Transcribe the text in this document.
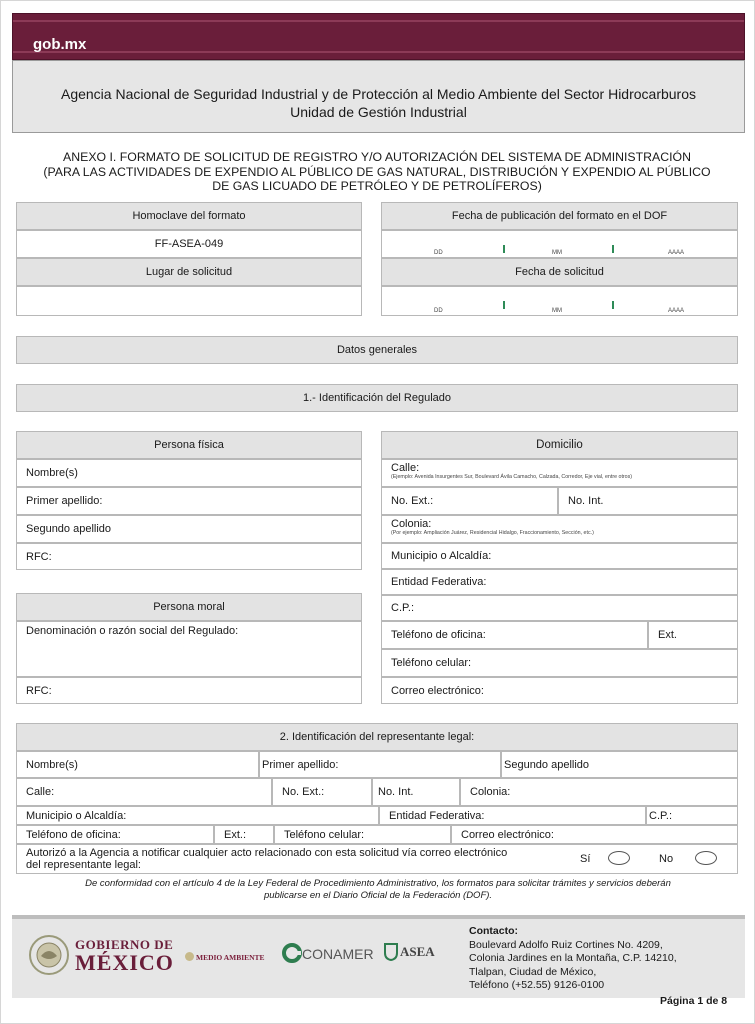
gob.mx
Agencia Nacional de Seguridad Industrial y de Protección al Medio Ambiente del Sector Hidrocarburos
Unidad de Gestión Industrial
ANEXO I. FORMATO DE SOLICITUD DE REGISTRO Y/O AUTORIZACIÓN DEL SISTEMA DE ADMINISTRACIÓN
(PARA LAS ACTIVIDADES DE EXPENDIO AL PÚBLICO DE GAS NATURAL, DISTRIBUCIÓN Y EXPENDIO AL PÚBLICO
DE GAS LICUADO DE PETRÓLEO Y DE PETROLÍFEROS)
Homoclave del formato
FF-ASEA-049
Lugar de solicitud
Fecha de publicación del formato en el DOF
DD	MM	AAAA
Fecha de solicitud
DD	MM	AAAA
Datos generales
1.- Identificación del Regulado
Persona física
Nombre(s)
Primer apellido:
Segundo apellido
RFC:
Persona moral
Denominación o razón social del Regulado:
RFC:
Domicilio
Calle:
(Ejemplo: Avenida Insurgentes Sur, Boulevard Ávila Camacho, Calzada, Corredor, Eje vial, entre otros)
No. Ext.:	No. Int.
Colonia:
(Por ejemplo: Ampliación Juárez, Residencial Hidalgo, Fraccionamiento, Sección, etc.)
Municipio o Alcaldía:
Entidad Federativa:
C.P.:
Teléfono de oficina:	Ext.
Teléfono celular:
Correo electrónico:
2. Identificación del representante legal:
Nombre(s)	Primer apellido:	Segundo apellido
Calle:	No. Ext.:	No. Int.	Colonia:
Municipio o Alcaldía:	Entidad Federativa:	C.P.:
Teléfono de oficina:	Ext.:	Teléfono celular:	Correo electrónico:
Autorizó a la Agencia a notificar cualquier acto relacionado con esta solicitud vía correo electrónico
del representante legal:	Sí	No
De conformidad con el artículo 4 de la Ley Federal de Procedimiento Administrativo, los formatos para solicitar trámites y servicios deberán
publicarse en el Diario Oficial de la Federación (DOF).
GOBIERNO DE
MÉXICO	MEDIO AMBIENTE	CONAMER ASEA
Contacto:
Boulevard Adolfo Ruiz Cortines No. 4209,
Colonia Jardines en la Montaña, C.P. 14210,
Tlalpan, Ciudad de México,
Teléfono (+52.55) 9126-0100
Página 1 de 8
